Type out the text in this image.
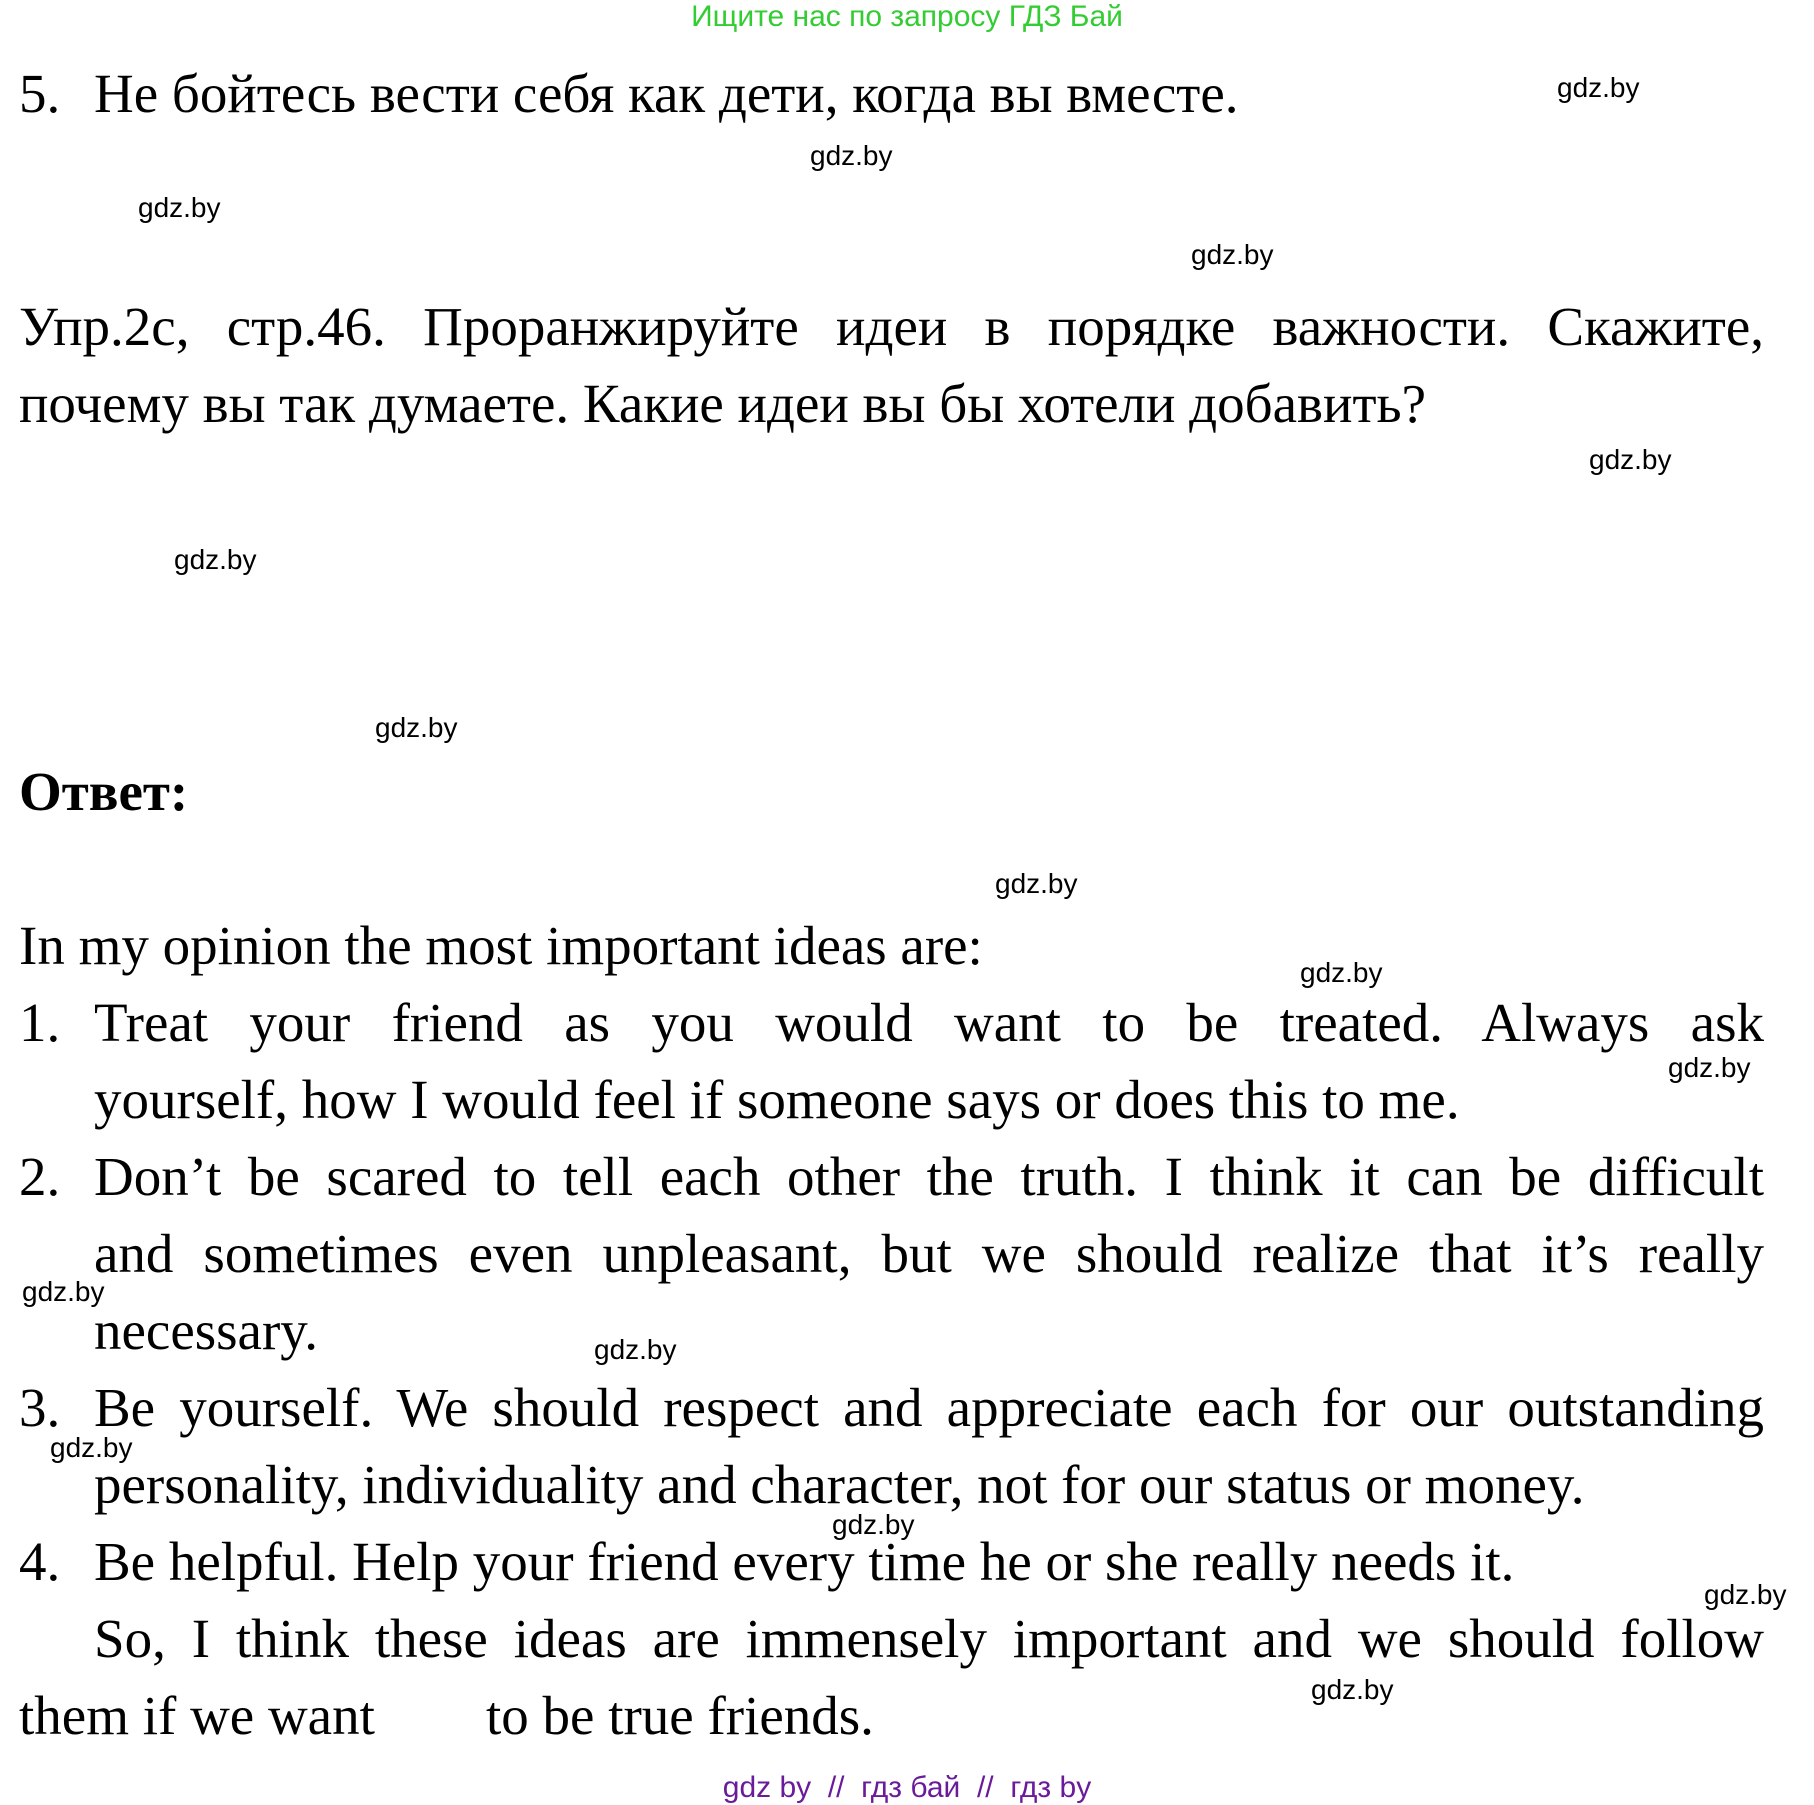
Ищите нас по запросу ГДЗ Бай
5. Не бойтесь вести себя как дети, когда вы вместе.
Упр.2с, стр.46. Проранжируйте идеи в порядке важности. Скажите,
почему вы так думаете. Какие идеи вы бы хотели добавить?
Ответ:
In my opinion the most important ideas are:
1. Treat your friend as you would want to be treated. Always ask
yourself, how I would feel if someone says or does this to me.
2. Don’t be scared to tell each other the truth. I think it can be difficult
and sometimes even unpleasant, but we should realize that it’s really
necessary.
3. Be yourself. We should respect and appreciate each for our outstanding
personality, individuality and character, not for our status or money.
4. Be helpful. Help your friend every time he or she really needs it.
So, I think these ideas are immensely important and we should follow
them if we want to be true friends.
gdz.by
gdz.by
gdz.by
gdz.by
gdz.by
gdz.by
gdz.by
gdz.by
gdz.by
gdz.by
gdz.by
gdz.by
gdz.by
gdz.by
gdz.by
gdz.by
gdz by  //  гдз бай  //  гдз by
